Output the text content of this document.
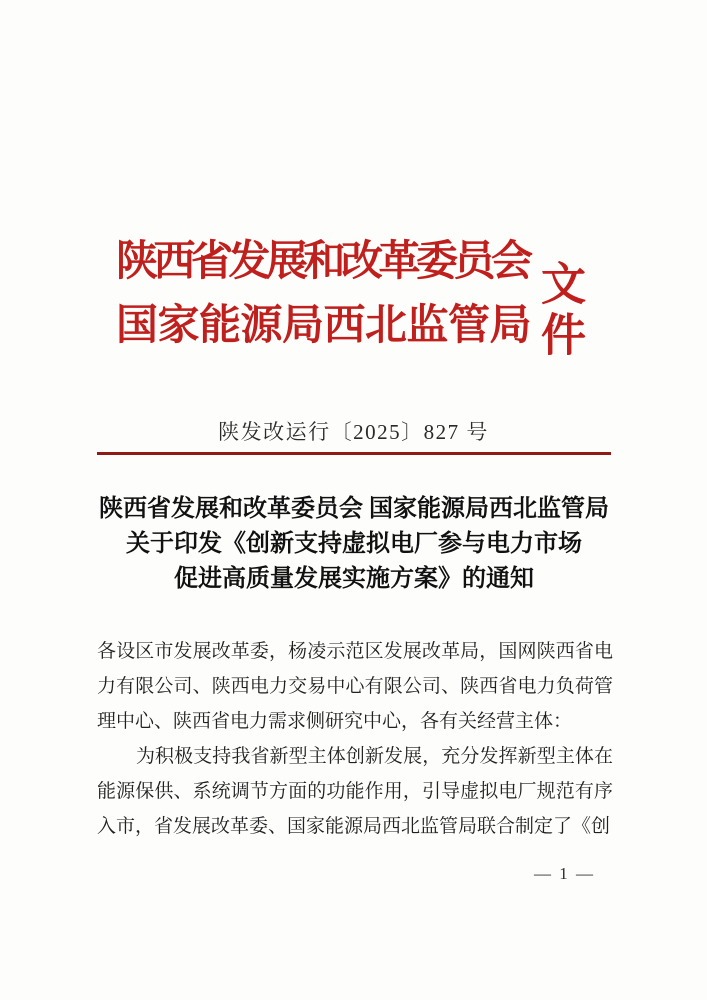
陕西省发展和改革委员会
国家能源局西北监管局 文件
陕发改运行〔2025〕827 号
陕西省发展和改革委员会 国家能源局西北监管局
关于印发《创新支持虚拟电厂参与电力市场
促进高质量发展实施方案》的通知

各设区市发展改革委，杨凌示范区发展改革局，国网陕西省电力有限公司、陕西电力交易中心有限公司、陕西省电力负荷管理中心、陕西省电力需求侧研究中心，各有关经营主体：

为积极支持我省新型主体创新发展，充分发挥新型主体在能源保供、系统调节方面的功能作用，引导虚拟电厂规范有序入市，省发展改革委、国家能源局西北监管局联合制定了《创

— 1 —
